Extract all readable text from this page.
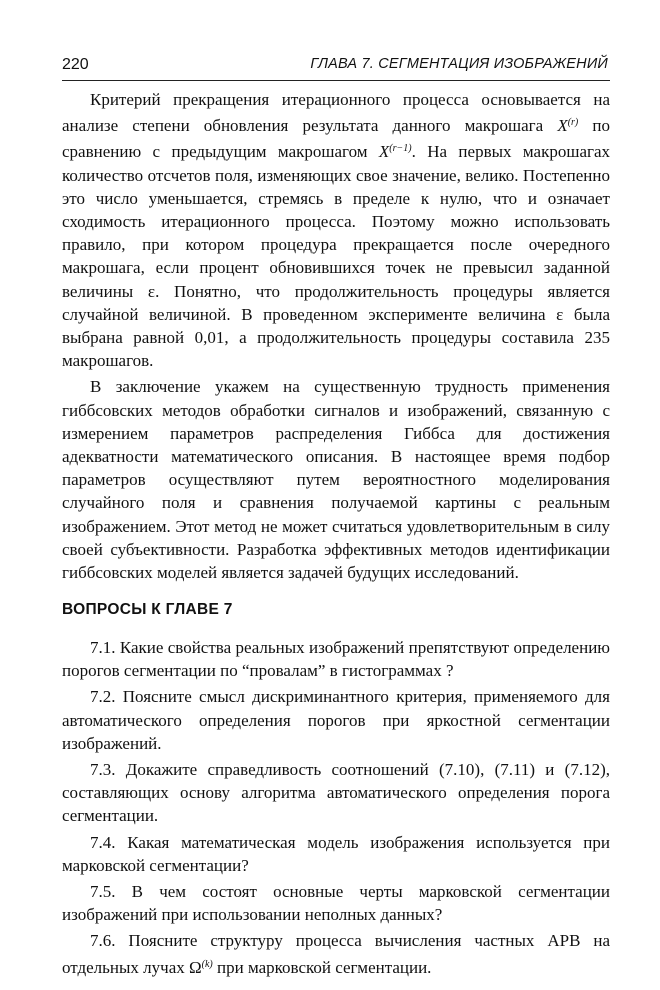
220	ГЛАВА 7. СЕГМЕНТАЦИЯ ИЗОБРАЖЕНИЙ

Критерий прекращения итерационного процесса основывается на анализе степени обновления результата данного макрошага $X^{(r)}$ по сравнению с предыдущим макрошагом $X^{(r-1)}$. На первых макрошагах количество отсчетов поля, изменяющих свое значение, велико. Постепенно это число уменьшается, стремясь в пределе к нулю, что и означает сходимость итерационного процесса. Поэтому можно использовать правило, при котором процедура прекращается после очередного макрошага, если процент обновившихся точек не превысил заданной величины ε. Понятно, что продолжительность процедуры является случайной величиной. В проведенном эксперименте величина ε была выбрана равной 0,01, а продолжительность процедуры составила 235 макрошагов.

В заключение укажем на существенную трудность применения гиббсовских методов обработки сигналов и изображений, связанную с измерением параметров распределения Гиббса для достижения адекватности математического описания. В настоящее время подбор параметров осуществляют путем вероятностного моделирования случайного поля и сравнения получаемой картины с реальным изображением. Этот метод не может считаться удовлетворительным в силу своей субъективности. Разработка эффективных методов идентификации гиббсовских моделей является задачей будущих исследований.

ВОПРОСЫ К ГЛАВЕ 7

7.1. Какие свойства реальных изображений препятствуют определению порогов сегментации по “провалам” в гистограммах ?

7.2. Поясните смысл дискриминантного критерия, применяемого для автоматического определения порогов при яркостной сегментации изображений.

7.3. Докажите справедливость соотношений (7.10), (7.11) и (7.12), составляющих основу алгоритма автоматического определения порога сегментации.

7.4. Какая математическая модель изображения используется при марковской сегментации?

7.5. В чем состоят основные черты марковской сегментации изображений при использовании неполных данных?

7.6. Поясните структуру процесса вычисления частных АРВ на отдельных лучах $\Omega^{(k)}$ при марковской сегментации.
